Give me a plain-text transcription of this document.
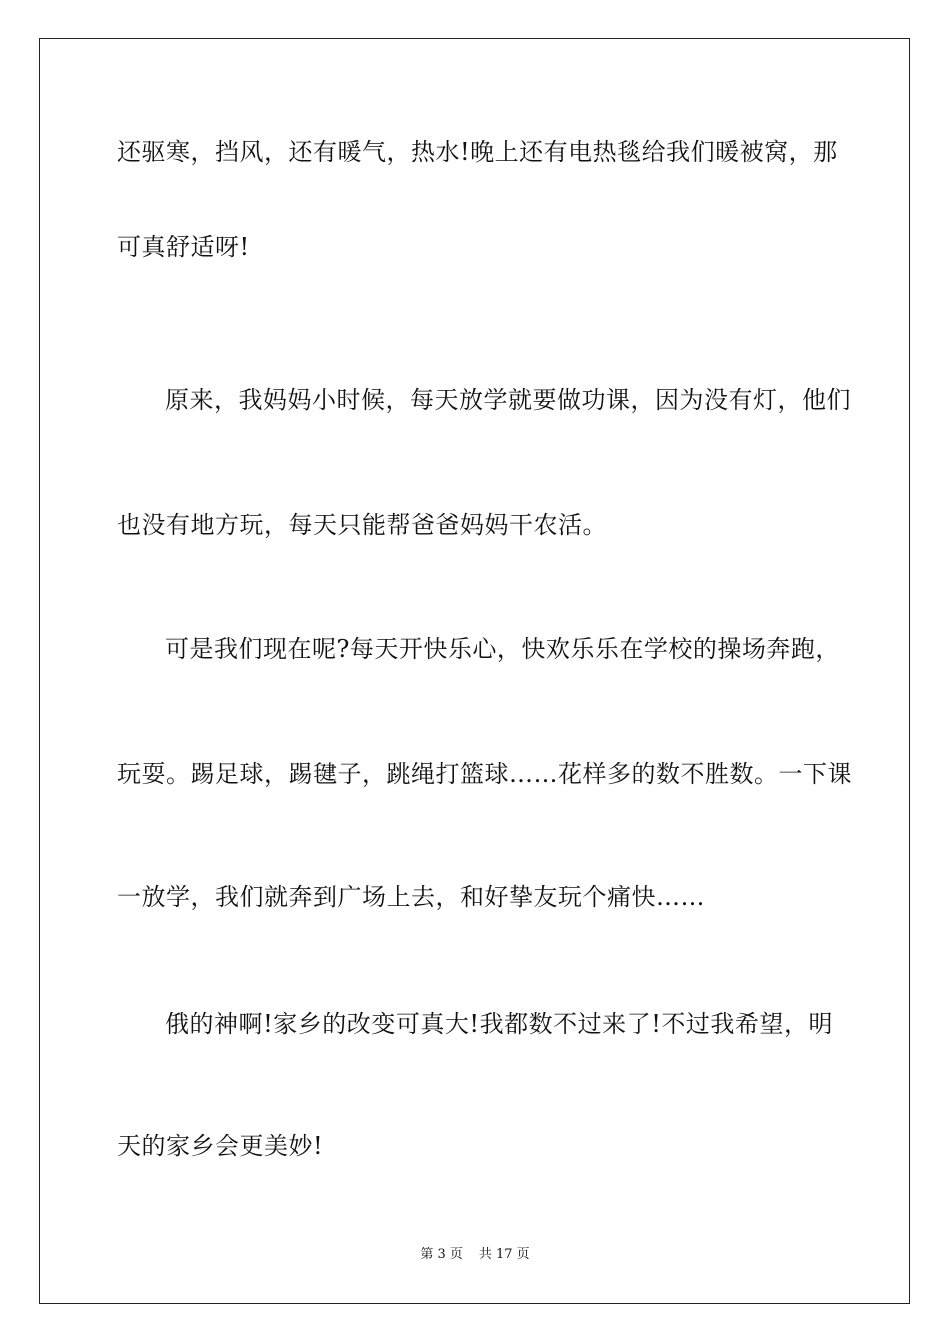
还驱寒，挡风，还有暖气，热水!晚上还有电热毯给我们暖被窝，那
可真舒适呀!
原来，我妈妈小时候，每天放学就要做功课，因为没有灯，他们
也没有地方玩，每天只能帮爸爸妈妈干农活。
可是我们现在呢?每天开快乐心，快欢乐乐在学校的操场奔跑，
玩耍。踢足球，踢毽子，跳绳打篮球……花样多的数不胜数。一下课
一放学，我们就奔到广场上去，和好挚友玩个痛快……
俄的神啊!家乡的改变可真大!我都数不过来了!不过我希望，明
天的家乡会更美妙!
第 3 页 共 17 页
